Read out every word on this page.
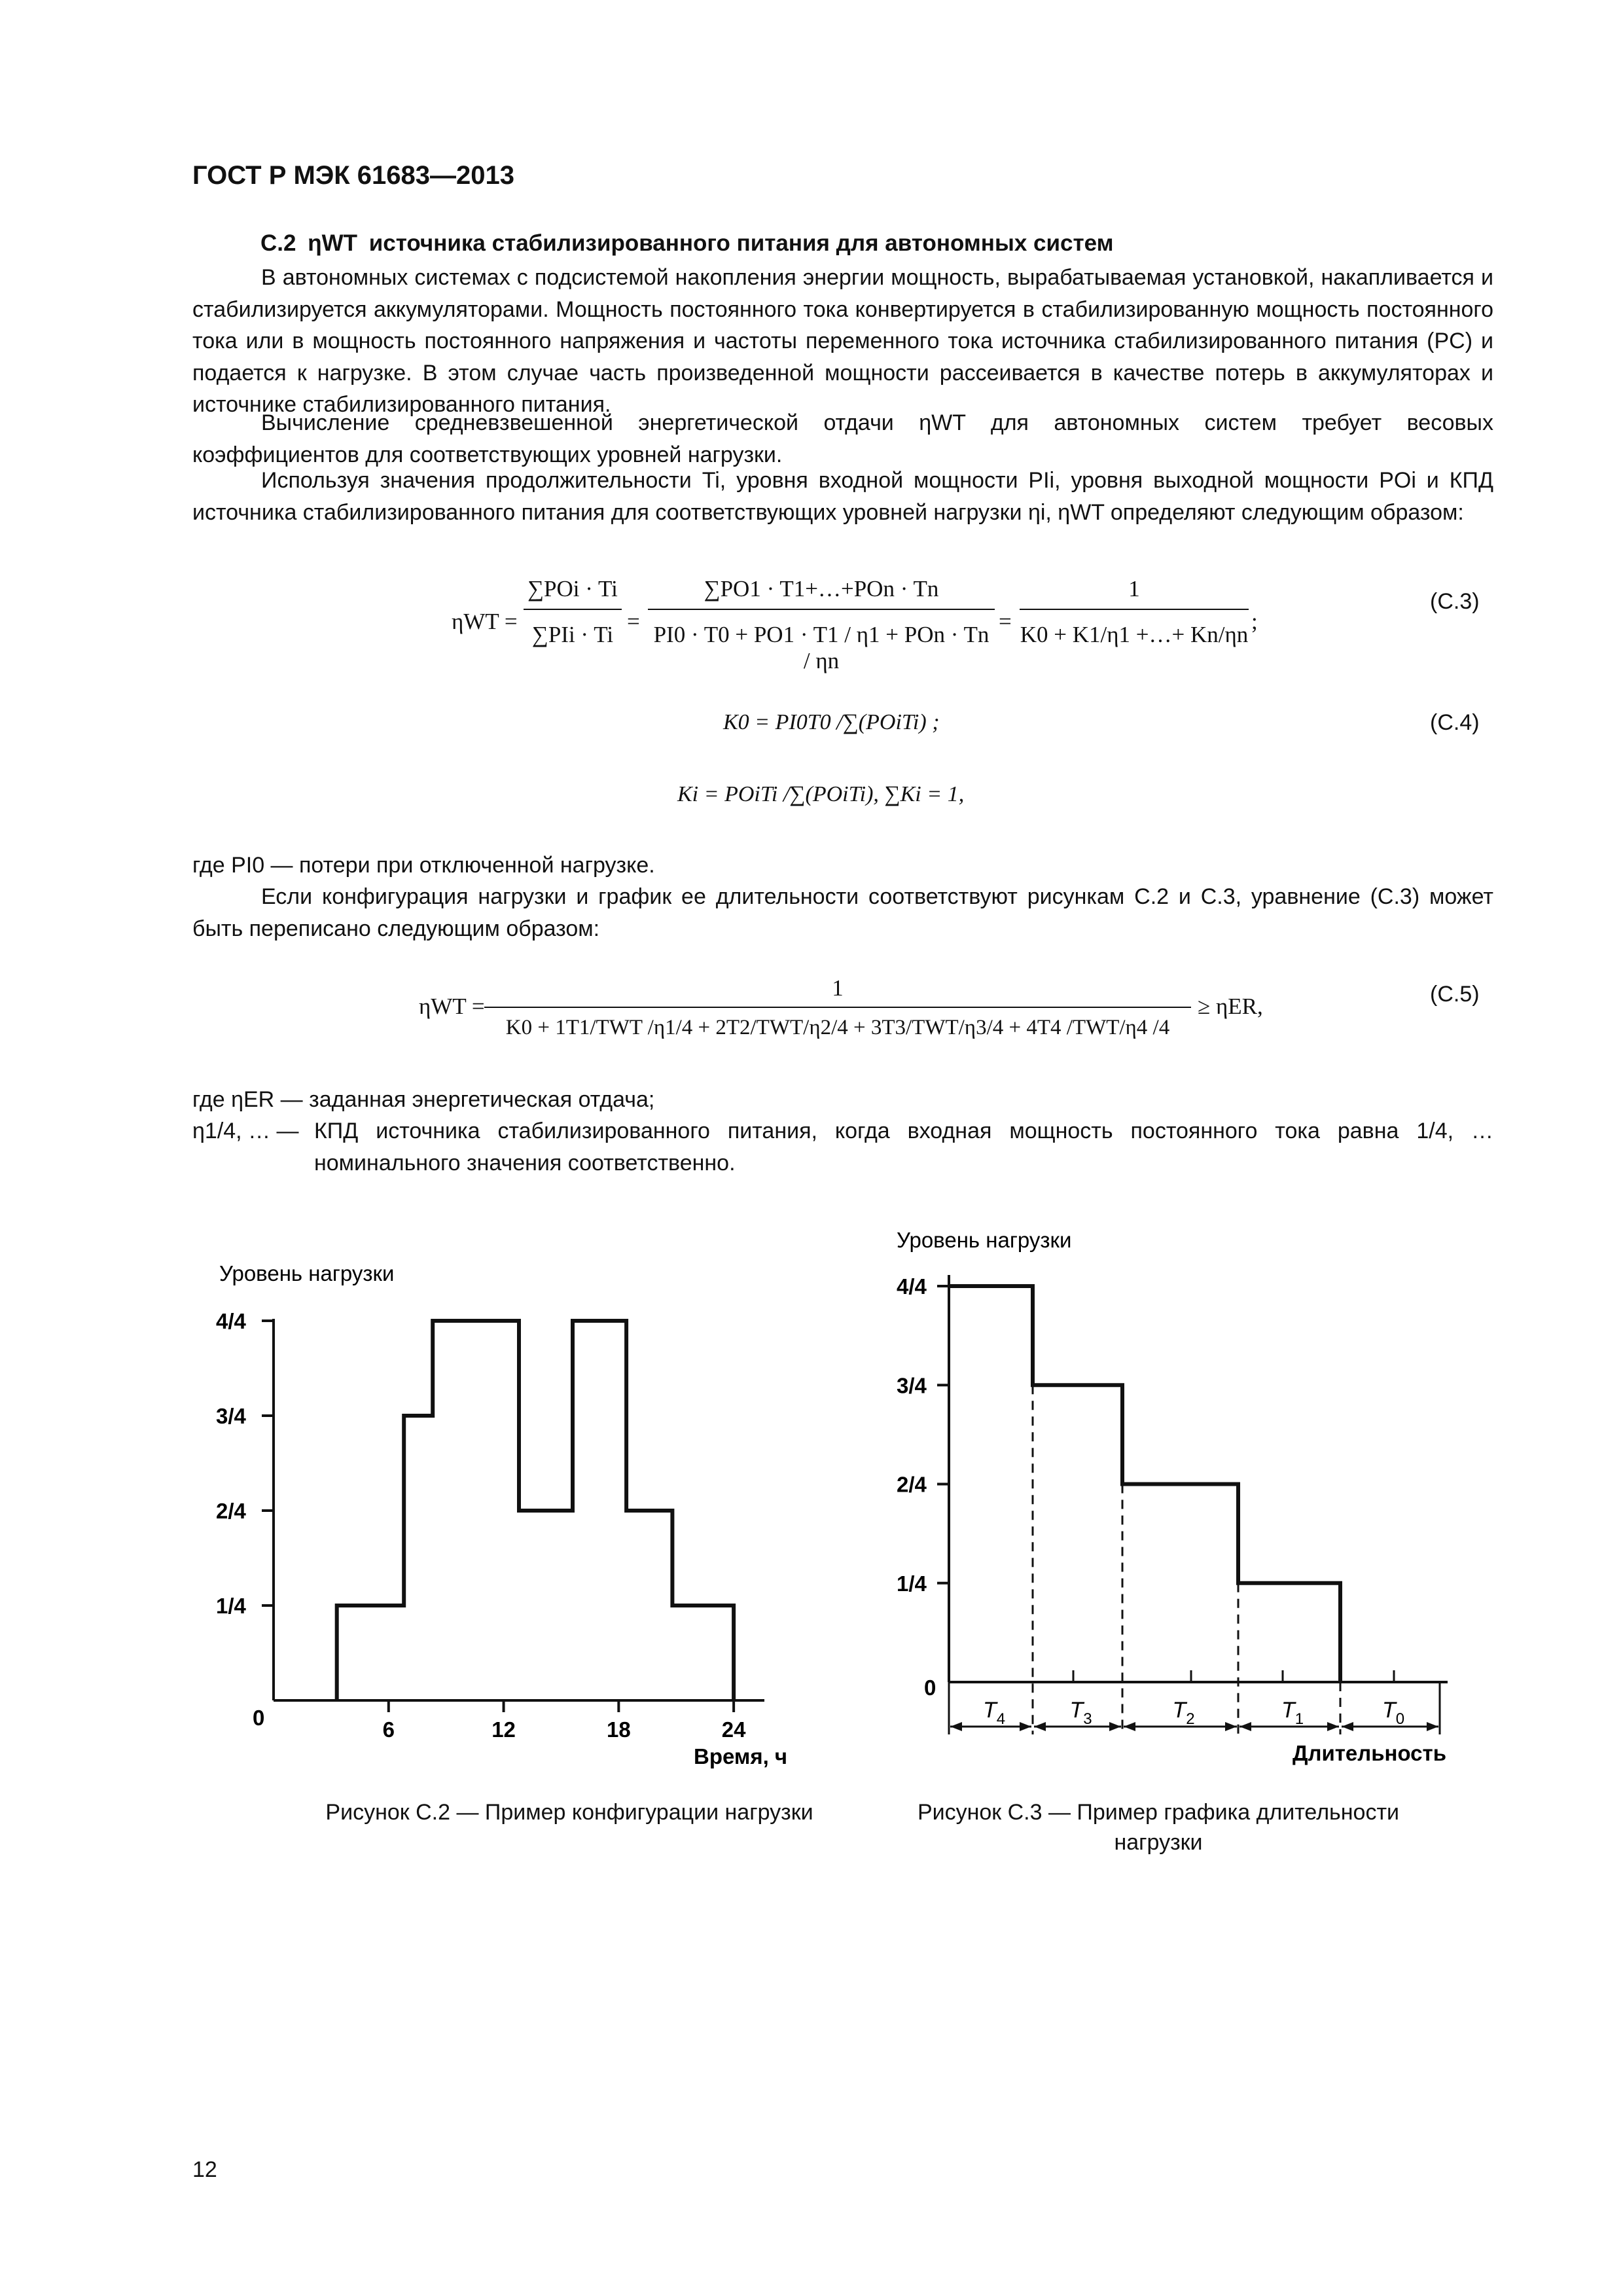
ГОСТ Р МЭК 61683—2013
С.2 ηWT источника стабилизированного питания для автономных систем
В автономных системах с подсистемой накопления энергии мощность, вырабатываемая установкой, накапливается и стабилизируется аккумуляторами. Мощность постоянного тока конвертируется в стабилизированную мощность постоянного тока или в мощность постоянного напряжения и частоты переменного тока источника стабилизированного питания (PC) и подается к нагрузке. В этом случае часть произведенной мощности рассеивается в качестве потерь в аккумуляторах и источнике стабилизированного питания.
Вычисление средневзвешенной энергетической отдачи ηWT для автономных систем требует весовых коэффициентов для соответствующих уровней нагрузки.
Используя значения продолжительности Ti, уровня входной мощности PIi, уровня выходной мощности POi и КПД источника стабилизированного питания для соответствующих уровней нагрузки ηi, ηWT определяют следующим образом:
ηWT =
∑POi · Ti
∑PIi · Ti
=
∑PO1 · T1+…+POn · Tn
PI0 · T0 + PO1 · T1 / η1 + POn · Tn / ηn
=
1
K0 + K1/η1 +…+ Kn/ηn
;
(С.3)
K0 = PI0T0 /∑(POiTi) ;	(С.4)
Ki = POiTi /∑(POiTi), ∑Ki = 1,
где PI0 — потери при отключенной нагрузке.
Если конфигурация нагрузки и график ее длительности соответствуют рисункам С.2 и С.3, уравнение (С.3) может быть переписано следующим образом:
ηWT =
1
K0 + 1T1/TWT /η1/4 + 2T2/TWT/η2/4 + 3T3/TWT/η3/4 + 4T4 /TWT/η4 /4
≥ ηER,	(С.5)
где ηER — заданная энергетическая отдача;
η1/4, … — КПД источника стабилизированного питания, когда входная мощность постоянного тока равна 1/4, … номинального значения соответственно.
Уровень нагрузки
0
1/4
2/4
3/4
4/4
6	12	18	24
Время, ч
Уровень нагрузки
0
1/4
2/4
3/4
4/4
$T_4$	$T_3$	$T_2$	$T_1$	$T_0$
Длительность
Рисунок С.2 — Пример конфигурации нагрузки	Рисунок С.3 — Пример графика длительности нагрузки
12
